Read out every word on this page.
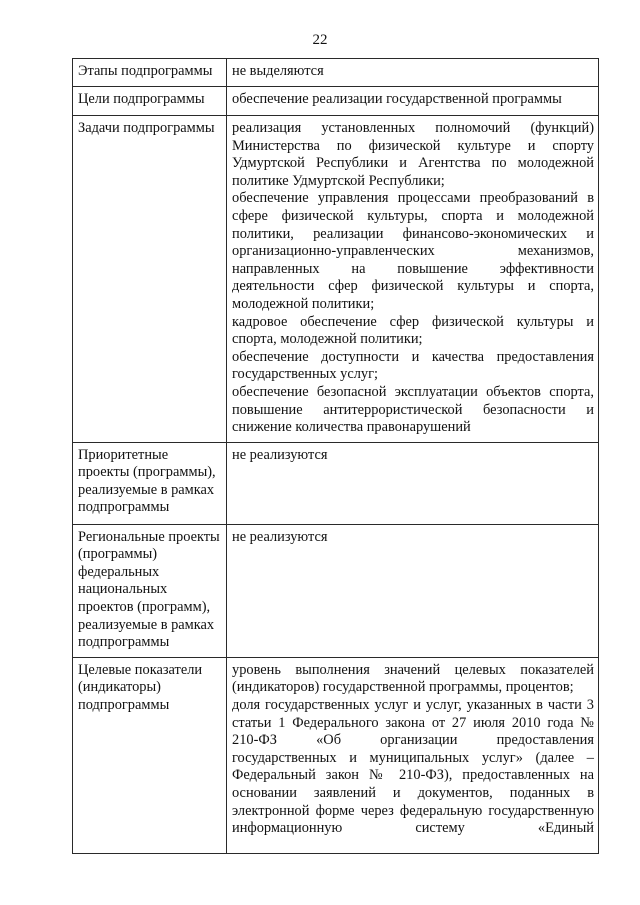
22
Этапы подпрограммы	не выделяются

Цели подпрограммы	обеспечение реализации государственной программы

Задачи подпрограммы	реализация установленных полномочий (функций) Министерства по физической культуре и спорту Удмуртской Республики и Агентства по молодежной политике Удмуртской Республики;
обеспечение управления процессами преобразований в сфере физической культуры, спорта и молодежной политики, реализации финансово-экономических и организационно-управленческих механизмов, направленных на повышение эффективности деятельности сфер физической культуры и спорта, молодежной политики;
кадровое обеспечение сфер физической культуры и спорта, молодежной политики;
обеспечение доступности и качества предоставления государственных услуг;
обеспечение безопасной эксплуатации объектов спорта, повышение антитеррористической безопасности и снижение количества правонарушений

Приоритетные проекты (программы), реализуемые в рамках подпрограммы	не реализуются

Региональные проекты (программы) федеральных национальных проектов (программ), реализуемые в рамках подпрограммы	не реализуются

Целевые показатели (индикаторы) подпрограммы	уровень выполнения значений целевых показателей (индикаторов) государственной программы, процентов;
доля государственных услуг и услуг, указанных в части 3 статьи 1 Федерального закона от 27 июля 2010 года № 210-ФЗ «Об организации предоставления государственных и муниципальных услуг» (далее – Федеральный закон № 210-ФЗ), предоставленных на основании заявлений и документов, поданных в электронной форме через федеральную государственную информационную систему «Единый
